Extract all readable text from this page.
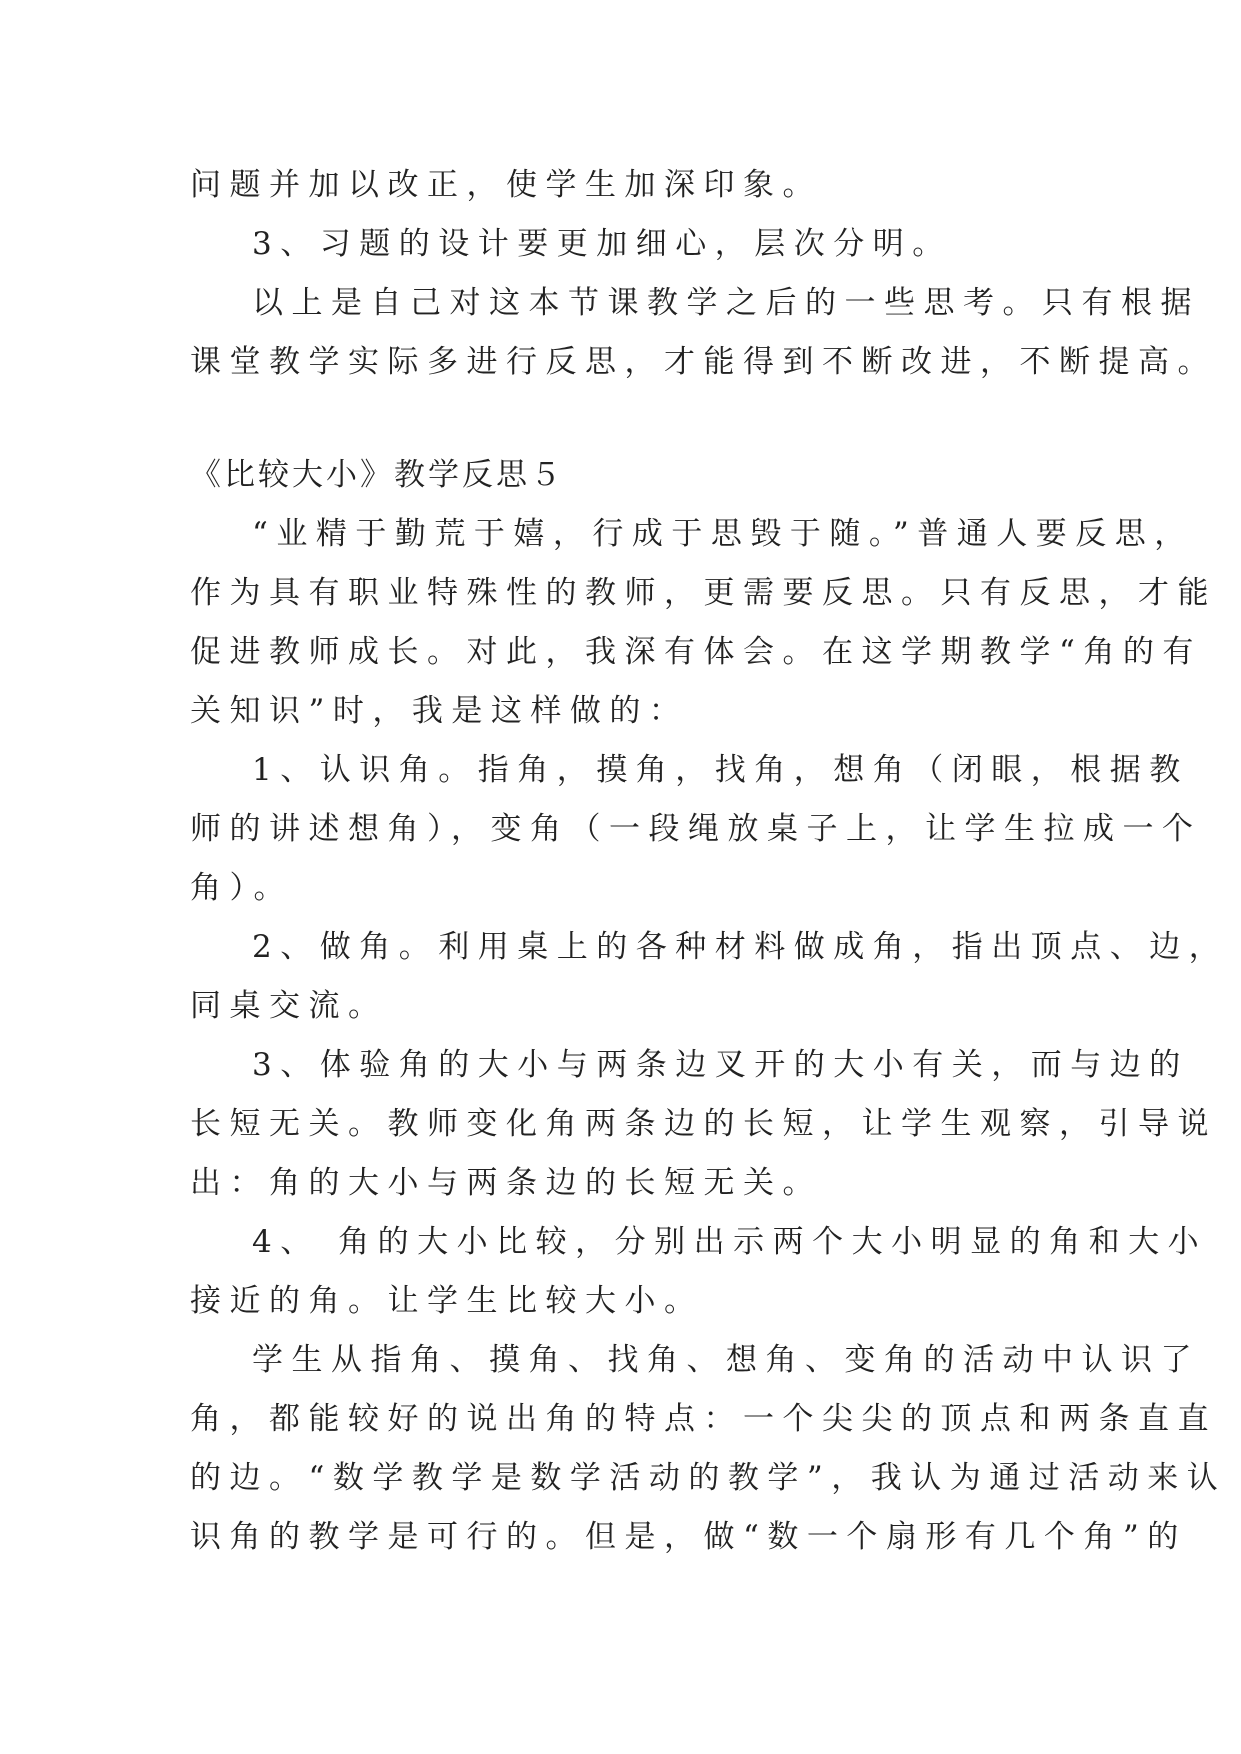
问题并加以改正，使学生加深印象。
3、习题的设计要更加细心，层次分明。
以上是自己对这本节课教学之后的一些思考。只有根据
课堂教学实际多进行反思，才能得到不断改进，不断提高。
《比较大小》教学反思５
“业精于勤荒于嬉，行成于思毁于随。”普通人要反思，
作为具有职业特殊性的教师，更需要反思。只有反思，才能
促进教师成长。对此，我深有体会。在这学期教学“角的有
关知识”时，我是这样做的：
1、认识角。指角，摸角，找角，想角（闭眼，根据教
师的讲述想角），变角（一段绳放桌子上，让学生拉成一个
角）。
2、做角。利用桌上的各种材料做成角，指出顶点、边，
同桌交流。
3、体验角的大小与两条边叉开的大小有关，而与边的
长短无关。教师变化角两条边的长短，让学生观察，引导说
出：角的大小与两条边的长短无关。
4、 角的大小比较，分别出示两个大小明显的角和大小
接近的角。让学生比较大小。
学生从指角、摸角、找角、想角、变角的活动中认识了
角，都能较好的说出角的特点：一个尖尖的顶点和两条直直
的边。“数学教学是数学活动的教学”，我认为通过活动来认
识角的教学是可行的。但是，做“数一个扇形有几个角”的
